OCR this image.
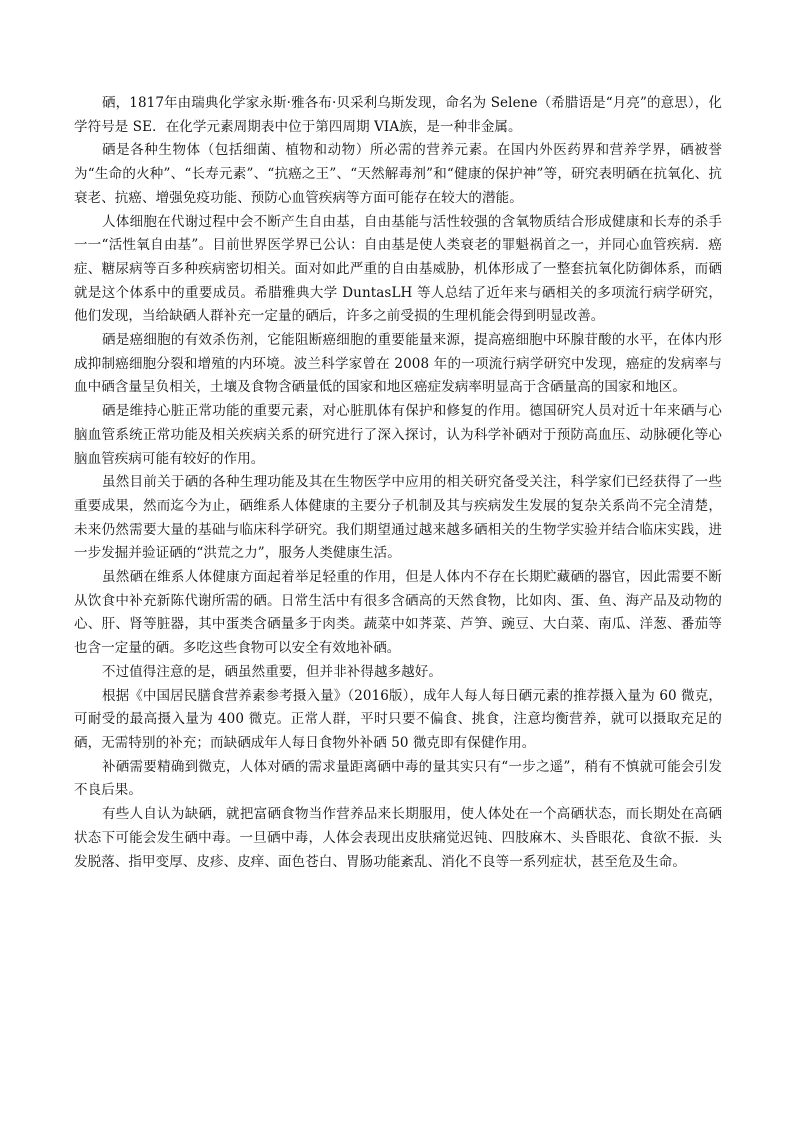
硒，1817年由瑞典化学家永斯·雅各布·贝采利乌斯发现，命名为 Selene（希腊语是“月亮”的意思），化学符号是 SE．在化学元素周期表中位于第四周期 VIA族，是一种非金属。

硒是各种生物体（包括细菌、植物和动物）所必需的营养元素。在国内外医药界和营养学界，硒被誉为“生命的火种”、“长寿元素”、“抗癌之王”、“天然解毒剂”和“健康的保护神”等，研究表明硒在抗氧化、抗衰老、抗癌、增强免疫功能、预防心血管疾病等方面可能存在较大的潜能。

人体细胞在代谢过程中会不断产生自由基，自由基能与活性较强的含氧物质结合形成健康和长寿的杀手一一“活性氧自由基”。目前世界医学界已公认：自由基是使人类衰老的罪魁祸首之一，并同心血管疾病．癌症、糖尿病等百多种疾病密切相关。面对如此严重的自由基威胁，机体形成了一整套抗氧化防御体系，而硒就是这个体系中的重要成员。希腊雅典大学 DuntasLH 等人总结了近年来与硒相关的多项流行病学研究，他们发现，当给缺硒人群补充一定量的硒后，许多之前受损的生理机能会得到明显改善。

硒是癌细胞的有效杀伤剂，它能阻断癌细胞的重要能量来源，提高癌细胞中环腺苷酸的水平，在体内形成抑制癌细胞分裂和增殖的内环境。波兰科学家曾在 2008 年的一项流行病学研究中发现，癌症的发病率与血中硒含量呈负相关，土壤及食物含硒量低的国家和地区癌症发病率明显高于含硒量高的国家和地区。

硒是维持心脏正常功能的重要元素，对心脏肌体有保护和修复的作用。德国研究人员对近十年来硒与心脑血管系统正常功能及相关疾病关系的研究进行了深入探讨，认为科学补硒对于预防高血压、动脉硬化等心脑血管疾病可能有较好的作用。

虽然目前关于硒的各种生理功能及其在生物医学中应用的相关研究备受关注，科学家们已经获得了一些重要成果，然而迄今为止，硒维系人体健康的主要分子机制及其与疾病发生发展的复杂关系尚不完全清楚，未来仍然需要大量的基础与临床科学研究。我们期望通过越来越多硒相关的生物学实验并结合临床实践，进一步发掘并验证硒的“洪荒之力”，服务人类健康生活。

虽然硒在维系人体健康方面起着举足轻重的作用，但是人体内不存在长期贮藏硒的器官，因此需要不断从饮食中补充新陈代谢所需的硒。日常生活中有很多含硒高的天然食物，比如肉、蛋、鱼、海产品及动物的心、肝、肾等脏器，其中蛋类含硒量多于肉类。蔬菜中如荠菜、芦笋、豌豆、大白菜、南瓜、洋葱、番茄等也含一定量的硒。多吃这些食物可以安全有效地补硒。

不过值得注意的是，硒虽然重要，但并非补得越多越好。

根据《中国居民膳食营养素参考摄入量》（2016版），成年人每人每日硒元素的推荐摄入量为 60 微克，可耐受的最高摄入量为 400 微克。正常人群，平时只要不偏食、挑食，注意均衡营养，就可以摄取充足的硒，无需特别的补充；而缺硒成年人每日食物外补硒 50 微克即有保健作用。

补硒需要精确到微克，人体对硒的需求量距离硒中毒的量其实只有“一步之遥”，稍有不慎就可能会引发不良后果。

有些人自认为缺硒，就把富硒食物当作营养品来长期服用，使人体处在一个高硒状态，而长期处在高硒状态下可能会发生硒中毒。一旦硒中毒，人体会表现出皮肤痛觉迟钝、四肢麻木、头昏眼花、食欲不振．头发脱落、指甲变厚、皮疹、皮痒、面色苍白、胃肠功能紊乱、消化不良等一系列症状，甚至危及生命。
